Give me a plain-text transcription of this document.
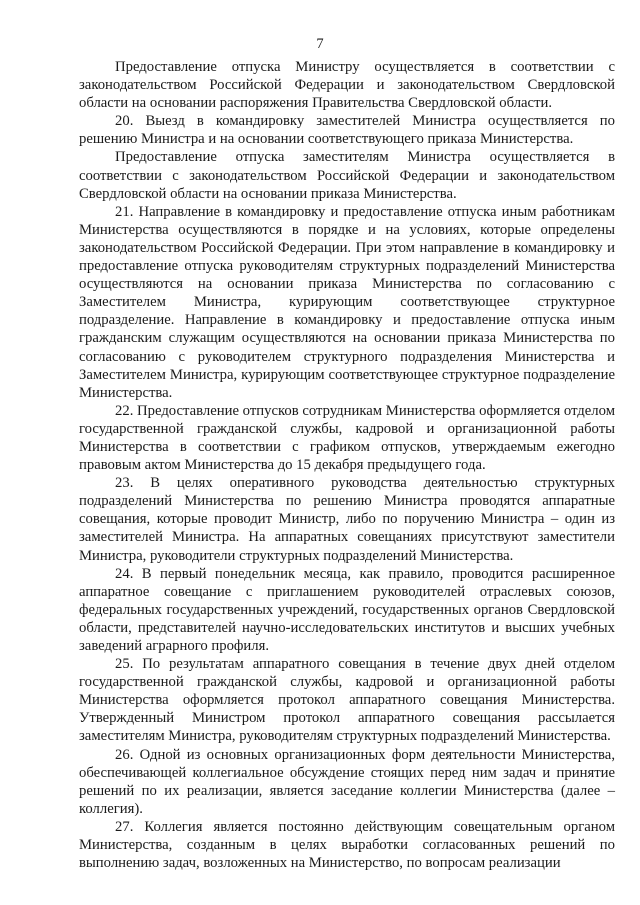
7

Предоставление отпуска Министру осуществляется в соответствии с законодательством Российской Федерации и законодательством Свердловской области на основании распоряжения Правительства Свердловской области.

20. Выезд в командировку заместителей Министра осуществляется по решению Министра и на основании соответствующего приказа Министерства.

Предоставление отпуска заместителям Министра осуществляется в соответствии с законодательством Российской Федерации и законодательством Свердловской области на основании приказа Министерства.

21. Направление в командировку и предоставление отпуска иным работникам Министерства осуществляются в порядке и на условиях, которые определены законодательством Российской Федерации. При этом направление в командировку и предоставление отпуска руководителям структурных подразделений Министерства осуществляются на основании приказа Министерства по согласованию с Заместителем Министра, курирующим соответствующее структурное подразделение. Направление в командировку и предоставление отпуска иным гражданским служащим осуществляются на основании приказа Министерства по согласованию с руководителем структурного подразделения Министерства и Заместителем Министра, курирующим соответствующее структурное подразделение Министерства.

22. Предоставление отпусков сотрудникам Министерства оформляется отделом государственной гражданской службы, кадровой и организационной работы Министерства в соответствии с графиком отпусков, утверждаемым ежегодно правовым актом Министерства до 15 декабря предыдущего года.

23. В целях оперативного руководства деятельностью структурных подразделений Министерства по решению Министра проводятся аппаратные совещания, которые проводит Министр, либо по поручению Министра – один из заместителей Министра. На аппаратных совещаниях присутствуют заместители Министра, руководители структурных подразделений Министерства.

24. В первый понедельник месяца, как правило, проводится расширенное аппаратное совещание с приглашением руководителей отраслевых союзов, федеральных государственных учреждений, государственных органов Свердловской области, представителей научно-исследовательских институтов и высших учебных заведений аграрного профиля.

25. По результатам аппаратного совещания в течение двух дней отделом государственной гражданской службы, кадровой и организационной работы Министерства оформляется протокол аппаратного совещания Министерства. Утвержденный Министром протокол аппаратного совещания рассылается заместителям Министра, руководителям структурных подразделений Министерства.

26. Одной из основных организационных форм деятельности Министерства, обеспечивающей коллегиальное обсуждение стоящих перед ним задач и принятие решений по их реализации, является заседание коллегии Министерства (далее – коллегия).

27. Коллегия является постоянно действующим совещательным органом Министерства, созданным в целях выработки согласованных решений по выполнению задач, возложенных на Министерство, по вопросам реализации
